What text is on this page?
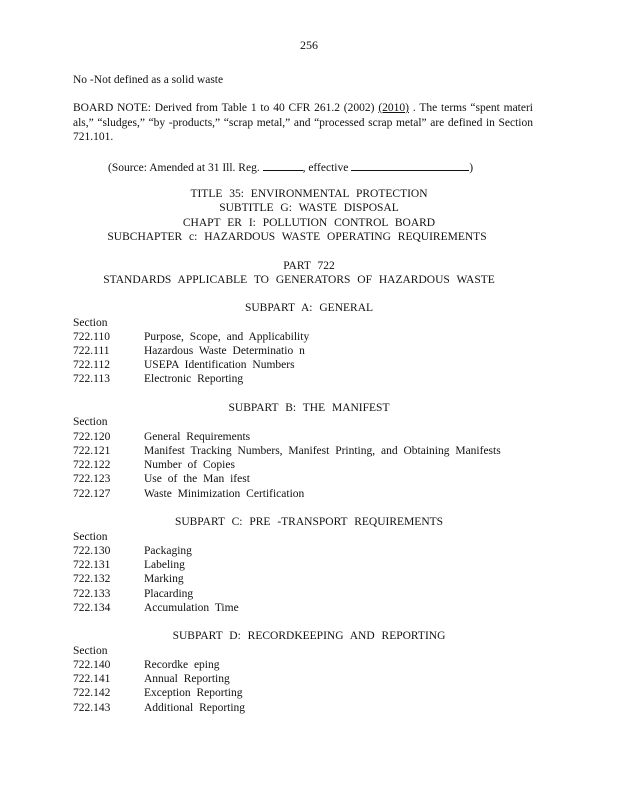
256
No -Not defined as a solid waste
BOARD NOTE: Derived from Table 1 to 40 CFR 261.2 (2002) (2010) . The terms “spent materi als,” “sludges,” “by -products,” “scrap metal,” and “processed scrap metal” are defined in Section 721.101.
(Source: Amended at 31 Ill. Reg.	, effective	)
TITLE 35: ENVIRONMENTAL PROTECTION
SUBTITLE G: WASTE DISPOSAL
CHAPT ER I: POLLUTION CONTROL BOARD
SUBCHAPTER c: HAZARDOUS WASTE OPERATING REQUIREMENTS
PART 722
STANDARDS APPLICABLE TO GENERATORS OF HAZARDOUS WASTE
SUBPART A: GENERAL
Section
722.110	Purpose, Scope, and Applicability
722.111	Hazardous Waste Determinatio n
722.112	USEPA Identification Numbers
722.113	Electronic Reporting
SUBPART B: THE MANIFEST
Section
722.120	General Requirements
722.121	Manifest Tracking Numbers, Manifest Printing, and Obtaining Manifests
722.122	Number of Copies
722.123	Use of the Man ifest
722.127	Waste Minimization Certification
SUBPART C: PRE -TRANSPORT REQUIREMENTS
Section
722.130	Packaging
722.131	Labeling
722.132	Marking
722.133	Placarding
722.134	Accumulation Time
SUBPART D: RECORDKEEPING AND REPORTING
Section
722.140	Recordke eping
722.141	Annual Reporting
722.142	Exception Reporting
722.143	Additional Reporting
